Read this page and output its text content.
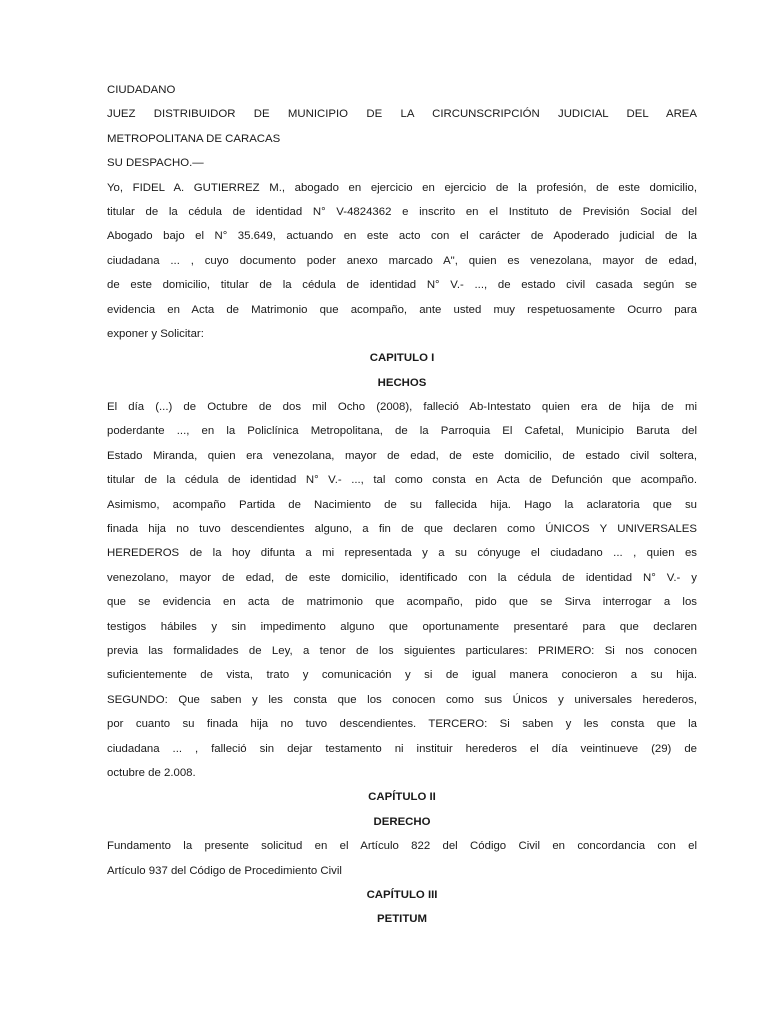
CIUDADANO
JUEZ DISTRIBUIDOR DE MUNICIPIO DE LA CIRCUNSCRIPCIÓN JUDICIAL DEL AREA
METROPOLITANA DE CARACAS
SU DESPACHO.—
Yo, FIDEL A. GUTIERREZ M., abogado en ejercicio en ejercicio de la profesión, de este domicilio,
titular de la cédula de identidad N° V-4824362 e inscrito en el Instituto de Previsión Social del
Abogado bajo el N° 35.649, actuando en este acto con el carácter de Apoderado judicial de la
ciudadana ... , cuyo documento poder anexo marcado A", quien es venezolana, mayor de edad,
de este domicilio, titular de la cédula de identidad N° V.- ..., de estado civil casada según se
evidencia en Acta de Matrimonio que acompaño, ante usted muy respetuosamente Ocurro para
exponer y Solicitar:
CAPITULO I
HECHOS
El día (...) de Octubre de dos mil Ocho (2008), falleció Ab-Intestato quien era de hija de mi
poderdante ..., en la Policlínica Metropolitana, de la Parroquia El Cafetal, Municipio Baruta del
Estado Miranda, quien era venezolana, mayor de edad, de este domicilio, de estado civil soltera,
titular de la cédula de identidad N° V.- ..., tal como consta en Acta de Defunción que acompaño.
Asimismo, acompaño Partida de Nacimiento de su fallecida hija. Hago la aclaratoria que su
finada hija no tuvo descendientes alguno, a fin de que declaren como ÚNICOS Y UNIVERSALES
HEREDEROS de la hoy difunta a mi representada y a su cónyuge el ciudadano ... , quien es
venezolano, mayor de edad, de este domicilio, identificado con la cédula de identidad N° V.- y
que se evidencia en acta de matrimonio que acompaño, pido que se Sirva interrogar a los
testigos hábiles y sin impedimento alguno que oportunamente presentaré para que declaren
previa las formalidades de Ley, a tenor de los siguientes particulares: PRIMERO: Si nos conocen
suficientemente de vista, trato y comunicación y si de igual manera conocieron a su hija.
SEGUNDO: Que saben y les consta que los conocen como sus Únicos y universales herederos,
por cuanto su finada hija no tuvo descendientes. TERCERO: Si saben y les consta que la
ciudadana ... , falleció sin dejar testamento ni instituir herederos el día veintinueve (29) de
octubre de 2.008.
CAPÍTULO II
DERECHO
Fundamento la presente solicitud en el Artículo 822 del Código Civil en concordancia con el
Artículo 937 del Código de Procedimiento Civil
CAPÍTULO III
PETITUM
